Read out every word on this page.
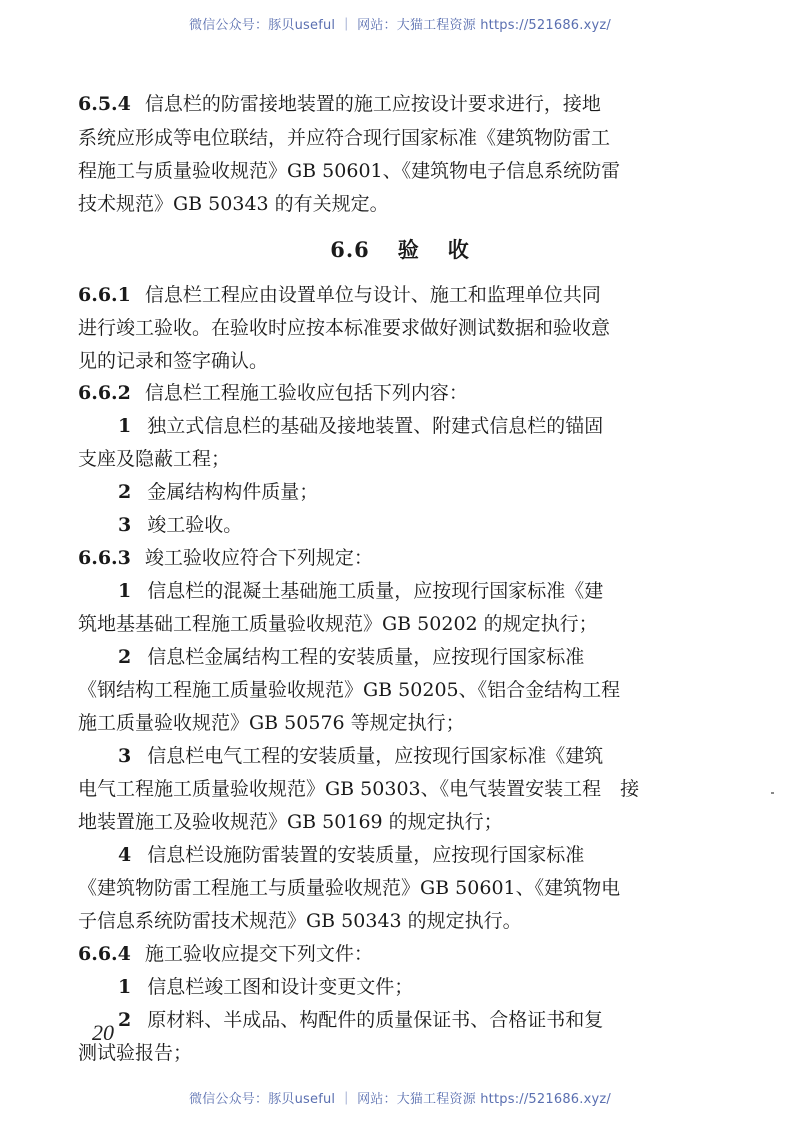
微信公众号：豚贝useful ｜ 网站：大猫工程资源 https://521686.xyz/
6.5.4 信息栏的防雷接地装置的施工应按设计要求进行，接地
系统应形成等电位联结，并应符合现行国家标准《建筑物防雷工
程施工与质量验收规范》GB 50601、《建筑物电子信息系统防雷
技术规范》GB 50343 的有关规定。
6.6 验 收
6.6.1 信息栏工程应由设置单位与设计、施工和监理单位共同
进行竣工验收。在验收时应按本标准要求做好测试数据和验收意
见的记录和签字确认。
6.6.2 信息栏工程施工验收应包括下列内容：
1 独立式信息栏的基础及接地装置、附建式信息栏的锚固
支座及隐蔽工程；
2 金属结构构件质量；
3 竣工验收。
6.6.3 竣工验收应符合下列规定：
1 信息栏的混凝土基础施工质量，应按现行国家标准《建
筑地基基础工程施工质量验收规范》GB 50202 的规定执行；
2 信息栏金属结构工程的安装质量，应按现行国家标准
《钢结构工程施工质量验收规范》GB 50205、《铝合金结构工程
施工质量验收规范》GB 50576 等规定执行；
3 信息栏电气工程的安装质量，应按现行国家标准《建筑
电气工程施工质量验收规范》GB 50303、《电气装置安装工程　接
地装置施工及验收规范》GB 50169 的规定执行；
4 信息栏设施防雷装置的安装质量，应按现行国家标准
《建筑物防雷工程施工与质量验收规范》GB 50601、《建筑物电
子信息系统防雷技术规范》GB 50343 的规定执行。
6.6.4 施工验收应提交下列文件：
1 信息栏竣工图和设计变更文件；
2 原材料、半成品、构配件的质量保证书、合格证书和复
测试验报告；
20
微信公众号：豚贝useful ｜ 网站：大猫工程资源 https://521686.xyz/
